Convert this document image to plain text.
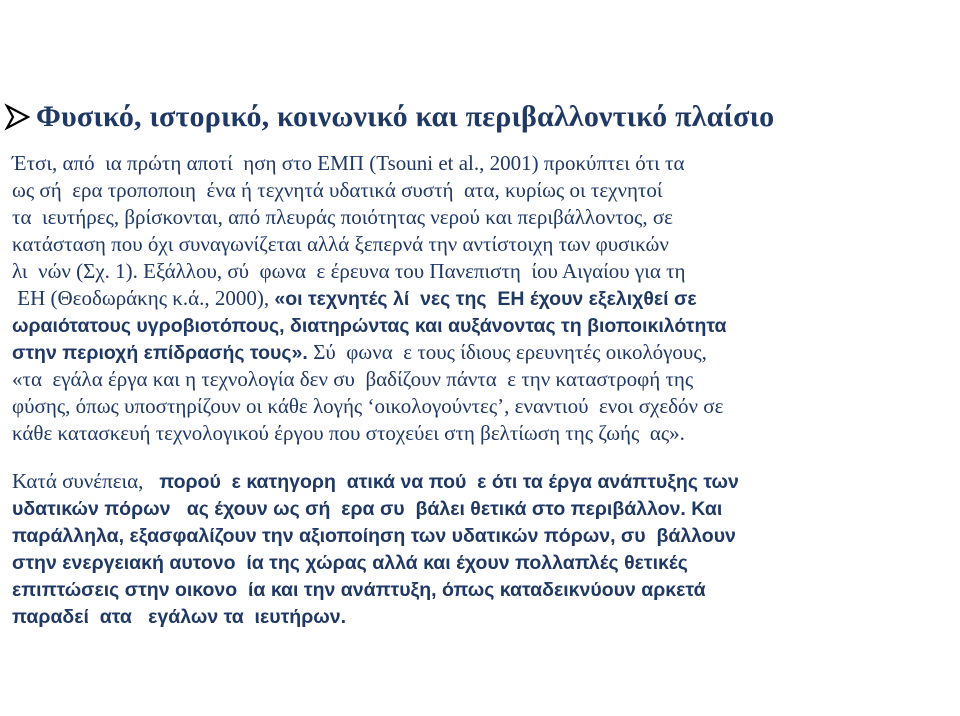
Φυσικό, ιστορικό, κοινωνικό και περιβαλλοντικό πλαίσιο
Έτσι, από  ια πρώτη αποτί  ηση στο ΕΜΠ (Tsouni et al., 2001) προκύπτει ότι τα
ως σή  ερα τροποποιη  ένα ή τεχνητά υδατικά συστή  ατα, κυρίως οι τεχνητοί
τα  ιευτήρες, βρίσκονται, από πλευράς ποιότητας νερού και περιβάλλοντος, σε
κατάσταση που όχι συναγωνίζεται αλλά ξεπερνά την αντίστοιχη των φυσικών
λι  νών (Σχ. 1). Εξάλλου, σύ  φωνα  ε έρευνα του Πανεπιστη  ίου Αιγαίου για τη
ΕΗ (Θεοδωράκης κ.ά., 2000), «οι τεχνητές λί  νες της  ΕΗ έχουν εξελιχθεί σε
ωραιότατους υγροβιοτόπους, διατηρώντας και αυξάνοντας τη βιοποικιλότητα
στην περιοχή επίδρασής τους». Σύ  φωνα  ε τους ίδιους ερευνητές οικολόγους,
«τα  εγάλα έργα και η τεχνολογία δεν συ  βαδίζουν πάντα  ε την καταστροφή της
φύσης, όπως υποστηρίζουν οι κάθε λογής ‘οικολογούντες’, εναντιού  ενοι σχεδόν σε
κάθε κατασκευή τεχνολογικού έργου που στοχεύει στη βελτίωση της ζωής  ας».
Κατά συνέπεια,   πορού  ε κατηγορη  ατικά να πού  ε ότι τα έργα ανάπτυξης των
υδατικών πόρων   ας έχουν ως σή  ερα συ  βάλει θετικά στο περιβάλλον. Και
παράλληλα, εξασφαλίζουν την αξιοποίηση των υδατικών πόρων, συ  βάλλουν
στην ενεργειακή αυτονο  ία της χώρας αλλά και έχουν πολλαπλές θετικές
επιπτώσεις στην οικονο  ία και την ανάπτυξη, όπως καταδεικνύουν αρκετά
παραδεί  ατα   εγάλων τα  ιευτήρων.
